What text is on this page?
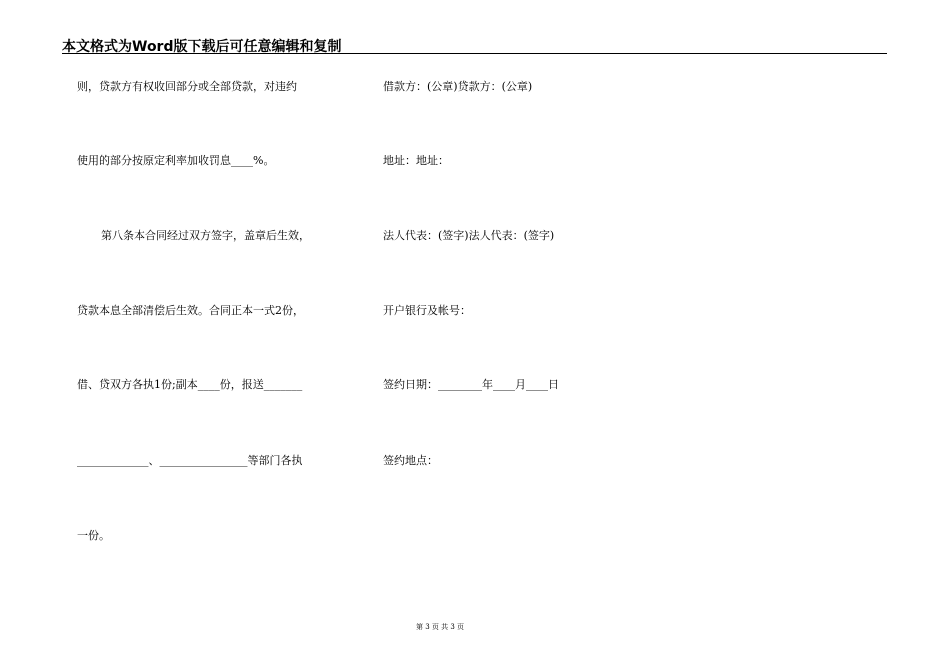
本文格式为Word版下载后可任意编辑和复制
则，贷款方有权收回部分或全部贷款，对违约
使用的部分按原定利率加收罚息____%。
第八条本合同经过双方签字，盖章后生效，
贷款本息全部清偿后生效。合同正本一式2份，
借、贷双方各执1份;副本____份，报送_______
_____________、________________等部门各执
一份。
借款方：(公章)贷款方：(公章)
地址：地址：
法人代表：(签字)法人代表：(签字)
开户银行及帐号：
签约日期：________年____月____日
签约地点：
第 3 页 共 3 页
